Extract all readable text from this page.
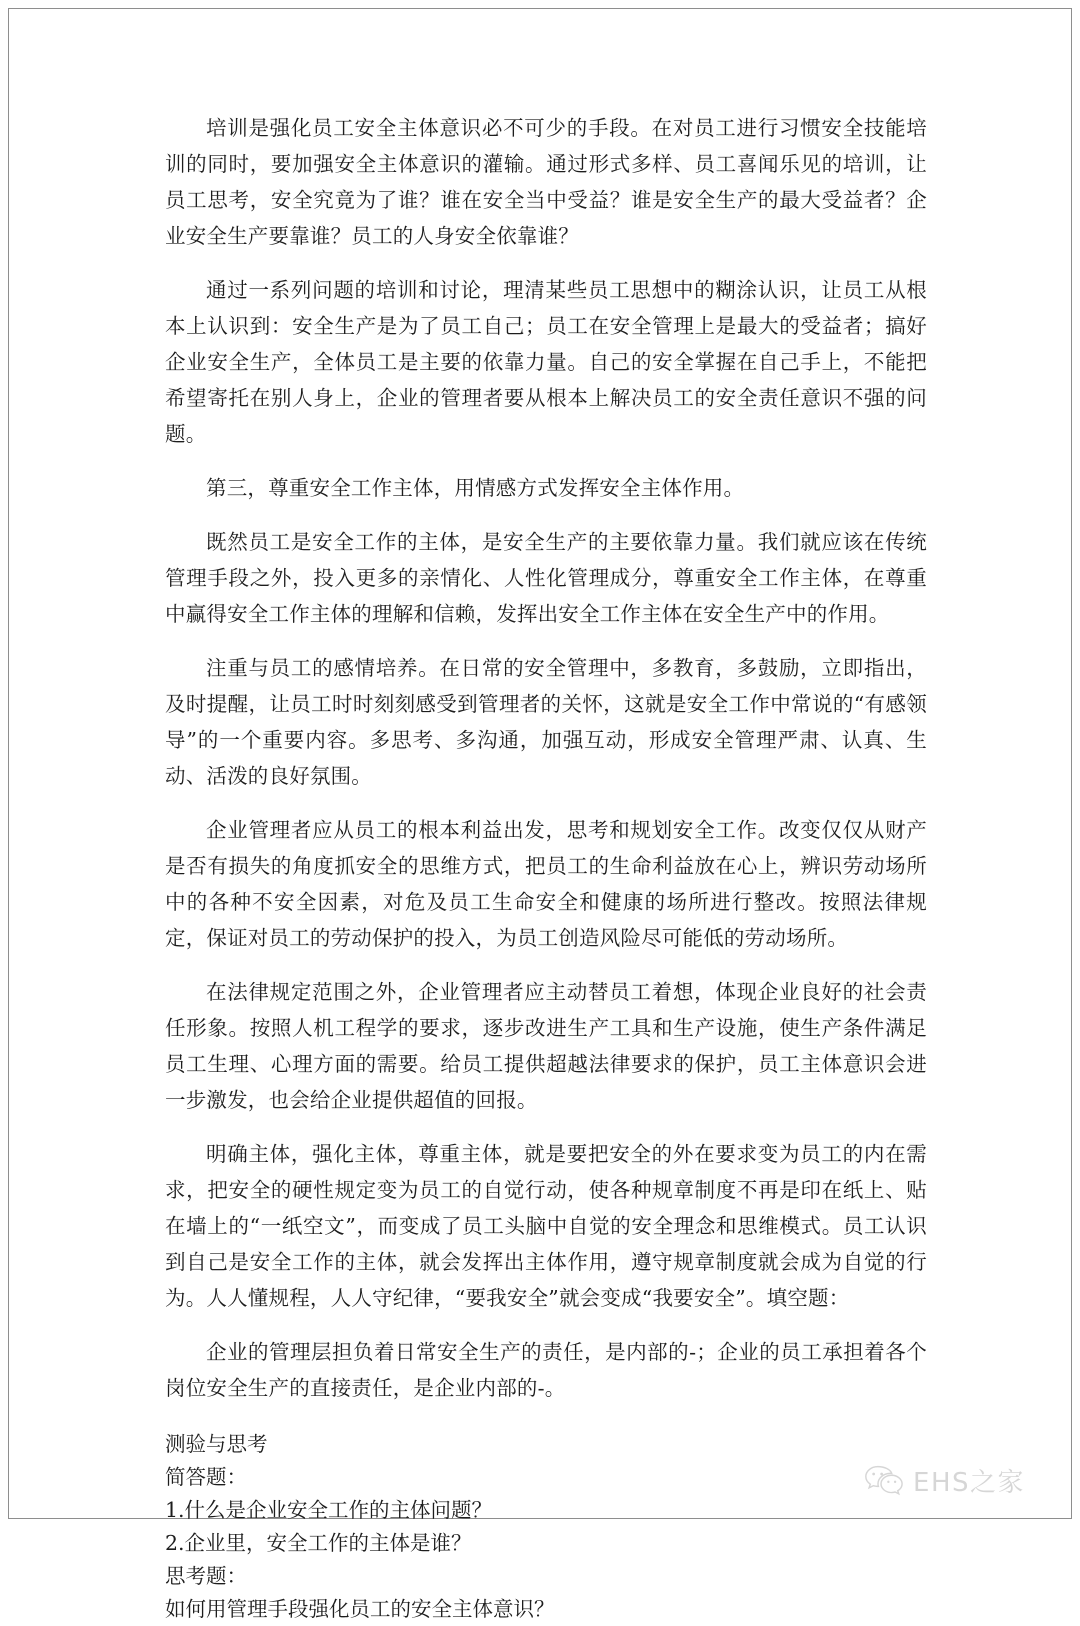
培训是强化员工安全主体意识必不可少的手段。在对员工进行习惯安全技能培训的同时，要加强安全主体意识的灌输。通过形式多样、员工喜闻乐见的培训，让员工思考，安全究竟为了谁？谁在安全当中受益？谁是安全生产的最大受益者？企业安全生产要靠谁？员工的人身安全依靠谁？

通过一系列问题的培训和讨论，理清某些员工思想中的糊涂认识，让员工从根本上认识到：安全生产是为了员工自己；员工在安全管理上是最大的受益者；搞好企业安全生产，全体员工是主要的依靠力量。自己的安全掌握在自己手上，不能把希望寄托在别人身上，企业的管理者要从根本上解决员工的安全责任意识不强的问题。

第三，尊重安全工作主体，用情感方式发挥安全主体作用。

既然员工是安全工作的主体，是安全生产的主要依靠力量。我们就应该在传统管理手段之外，投入更多的亲情化、人性化管理成分，尊重安全工作主体，在尊重中赢得安全工作主体的理解和信赖，发挥出安全工作主体在安全生产中的作用。

注重与员工的感情培养。在日常的安全管理中，多教育，多鼓励，立即指出，及时提醒，让员工时时刻刻感受到管理者的关怀，这就是安全工作中常说的“有感领导”的一个重要内容。多思考、多沟通，加强互动，形成安全管理严肃、认真、生动、活泼的良好氛围。

企业管理者应从员工的根本利益出发，思考和规划安全工作。改变仅仅从财产是否有损失的角度抓安全的思维方式，把员工的生命利益放在心上，辨识劳动场所中的各种不安全因素，对危及员工生命安全和健康的场所进行整改。按照法律规定，保证对员工的劳动保护的投入，为员工创造风险尽可能低的劳动场所。

在法律规定范围之外，企业管理者应主动替员工着想，体现企业良好的社会责任形象。按照人机工程学的要求，逐步改进生产工具和生产设施，使生产条件满足员工生理、心理方面的需要。给员工提供超越法律要求的保护，员工主体意识会进一步激发，也会给企业提供超值的回报。

明确主体，强化主体，尊重主体，就是要把安全的外在要求变为员工的内在需求，把安全的硬性规定变为员工的自觉行动，使各种规章制度不再是印在纸上、贴在墙上的“一纸空文”，而变成了员工头脑中自觉的安全理念和思维模式。员工认识到自己是安全工作的主体，就会发挥出主体作用，遵守规章制度就会成为自觉的行为。人人懂规程，人人守纪律，“要我安全”就会变成“我要安全”。填空题：

企业的管理层担负着日常安全生产的责任，是内部的-；企业的员工承担着各个岗位安全生产的直接责任，是企业内部的-。

测验与思考

简答题：

1.什么是企业安全工作的主体问题？

2.企业里，安全工作的主体是谁？

思考题：

如何用管理手段强化员工的安全主体意识？

EHS之家
